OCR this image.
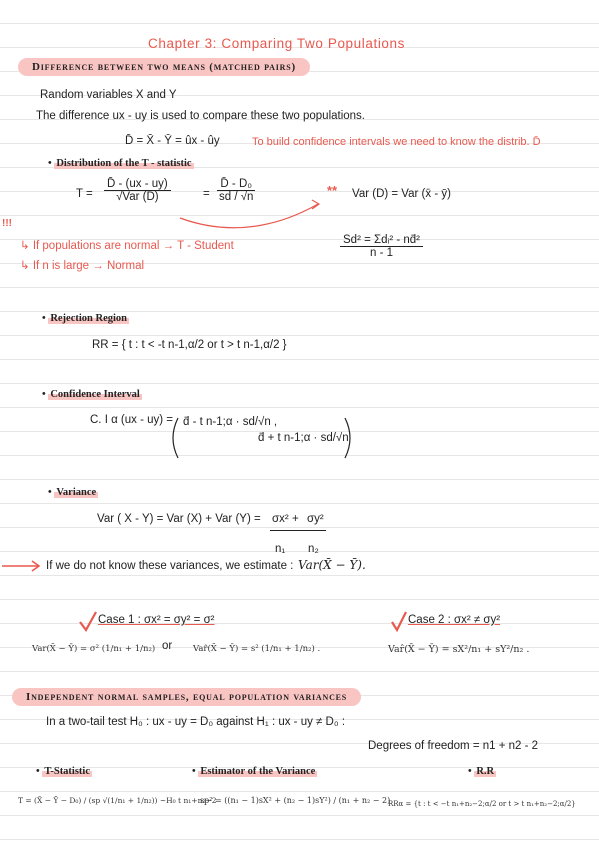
Chapter 3: Comparing Two Populations
Difference between two means (matched pairs)
Random variables X and Y
The difference ux - uy is used to compare these two populations.
D̄ = X̄ - Ȳ = ûx - ûy	To build confidence intervals we need to know the distrib. D̄
• Distribution of the T - statistic
$T = \frac{D̄ - (ux - uy)}{\text{√Var (D)}}$	= $\frac{\text{D̄ - D₀}}{sd / √n}$	** Var (D) = Var (x̄ - ȳ)
!!!
↳ If populations are normal → T - Student
↳ If n is large → Normal
$\frac{\text{Sd² = Σdᵢ² - nd̄²}}{n - 1}$
• Rejection Region
RR = { t : t < -t n-1,α/2 or t > t n-1,α/2 }
• Confidence Interval
C. I α (ux - uy) = d̄ - t n-1;α · sd/√n ,
d̄ + t n-1;α · sd/√n
• Variance
Var ( X - Y) = Var (X) + Var (Y) = σx² + σy²
n₁ n₂
If we do not know these variances, we estimate : Var(X̄ − Ȳ).
Case 1 : σx² = σy² = σ²
Var(X̄ − Ȳ) = σ² (1/n₁ + 1/n₂) or Var̂(X̄ − Ȳ) = s² (1/n₁ + 1/n₂) .
Case 2 : σx² ≠ σy²
Var̂(X̄ − Ȳ) = sX²/n₁ + sY²/n₂ .
Independent normal samples, equal population variances
In a two-tail test H₀ : ux - uy = D₀ against H₁ : ux - uy ≠ D₀ :
Degrees of freedom = n1 + n2 - 2
• T-Statistic
T = (X̄ − Ȳ − D₀) / (sp √(1/n₁ + 1/n₂)) ~H₀ t n₁+n₂−2
• Estimator of the Variance
sp² = ((n₁ − 1)sX² + (n₂ − 1)sY²) / (n₁ + n₂ − 2)
• R.R
RRα = {t : t < −t n₁+n₂−2;α/2 or t > t n₁+n₂−2;α/2}
